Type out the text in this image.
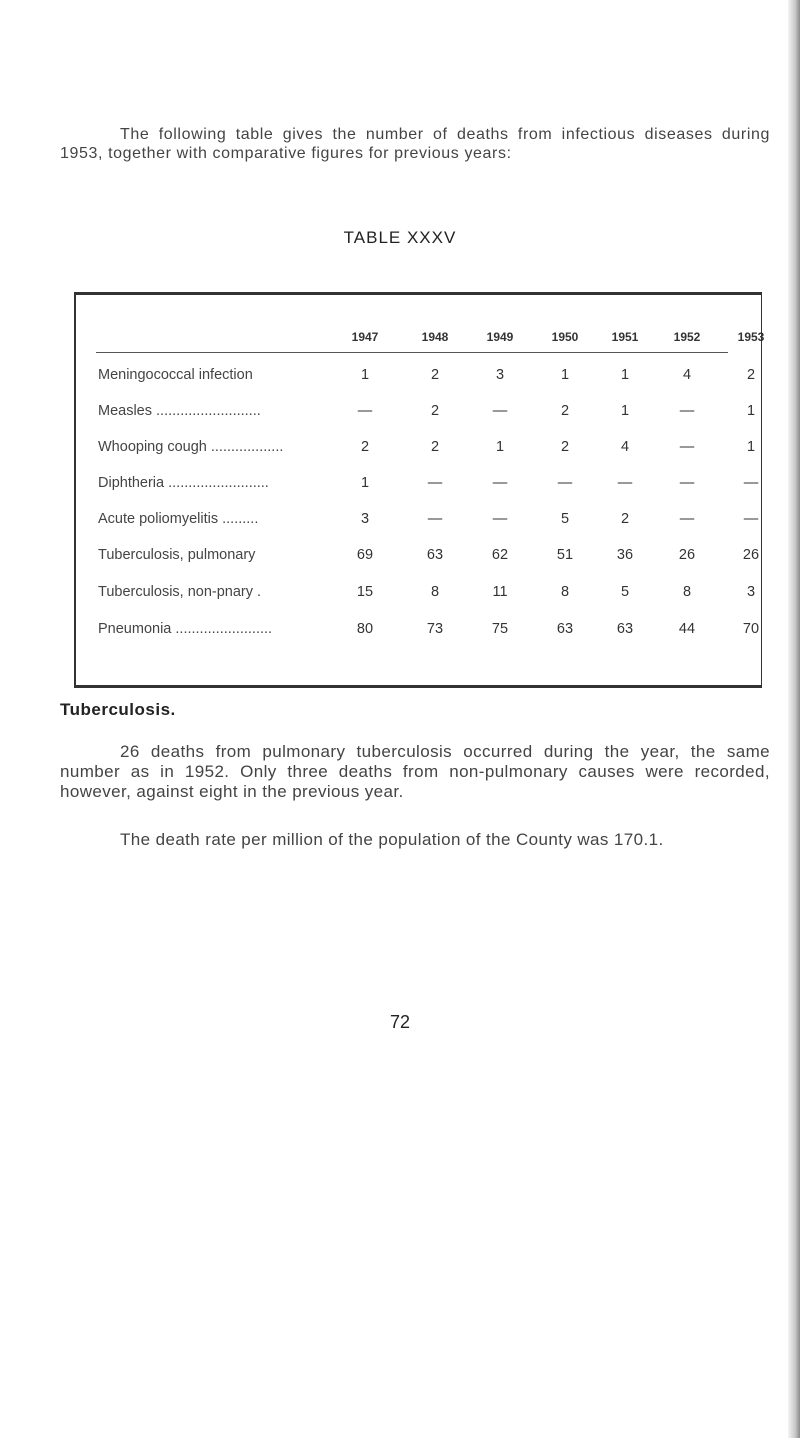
The following table gives the number of deaths from infectious diseases during 1953, together with comparative figures for previous years:

TABLE XXXV
1947	1948	1949	1950	1951	1952	1953
Meningococcal infection	1	2	3	1	1	4	2
Measles ..........................	—	2	—	2	1	—	1
Whooping cough ..................	2	2	1	2	4	—	1
Diphtheria .........................	1	—	—	—	—	—	—
Acute poliomyelitis .........	3	—	—	5	2	—	—
Tuberculosis, pulmonary	69	63	62	51	36	26	26
Tuberculosis, non-pnary .	15	8	11	8	5	8	3
Pneumonia ........................	80	73	75	63	63	44	70
Tuberculosis.

26 deaths from pulmonary tuberculosis occurred during the year, the same number as in 1952. Only three deaths from non-pulmonary causes were recorded, however, against eight in the previous year.

The death rate per million of the population of the County was 170.1.

72
